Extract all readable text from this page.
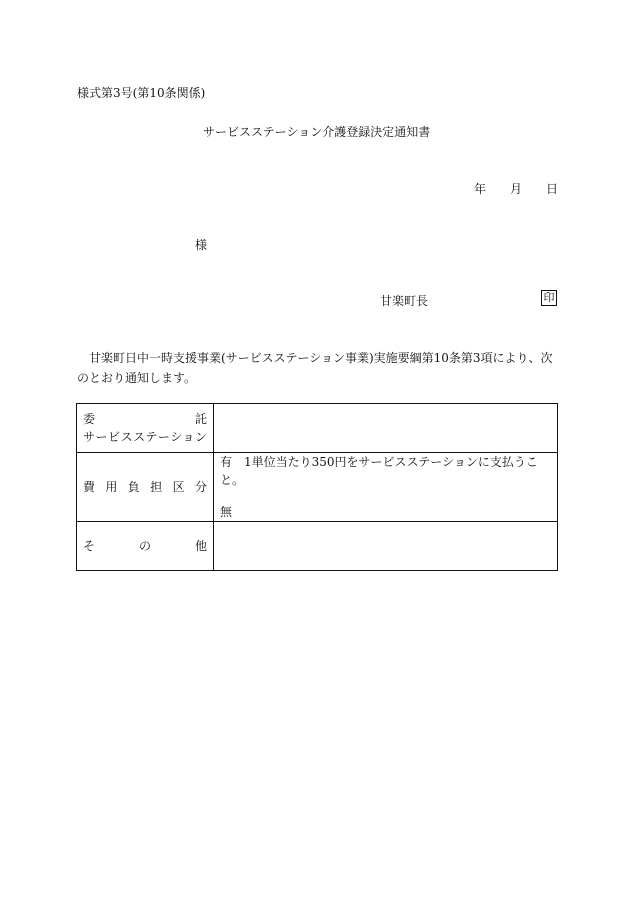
様式第3号(第10条関係)
サービスステーション介護登録決定通知書
年 月 日
様
甘楽町長	印
甘楽町日中一時支援事業(サービスステーション事業)実施要綱第10条第3項により、次のとおり通知します。
委　　　　　託
サービスステーション	

費用負担区分	有　1単位当たり350円をサービスステーションに支払うこと。
無

その他	
